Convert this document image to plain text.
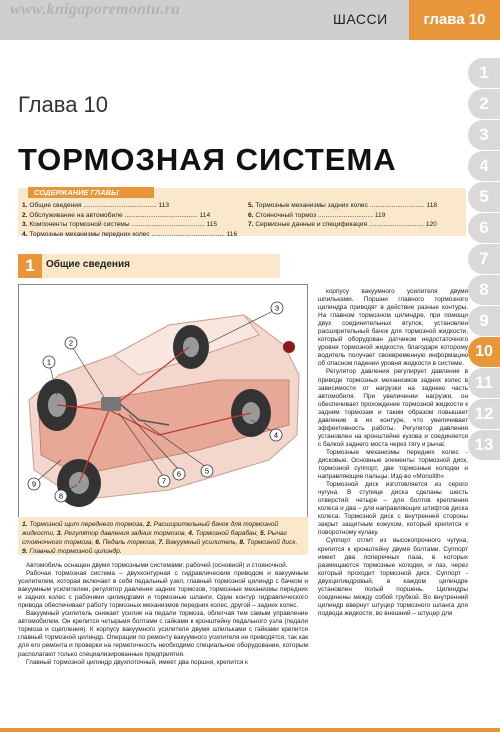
www.knigaporemontu.ru
ШАССИ	глава 10
1
2
3
4
5
6
7
8
9
10
11
12
13
Глава 10
ТОРМОЗНАЯ СИСТЕМА
СОДЕРЖАНИЕ ГЛАВЫ
1. Общие сведения ........................................ 113
2. Обслуживание на автомобиле ........................................ 114
3. Компоненты тормозной системы ........................................ 115
4. Тормозные механизмы передних колес ........................................ 116
5. Тормозные механизмы задних колес .............................. 118
6. Стояночный тормоз .............................. 119
7. Сервисные данные и спецификация .............................. 120
1	Общие сведения
1
2
3
4
5
6
7
8
9
1. Тормозной щит переднего тормоза, 2. Расширительный бачок для тормозной жидкости, 3. Регулятор давления задних тормозов, 4. Тормозной барабан, 5. Рычаг стояночного тормоза, 6. Педаль тормоза, 7. Вакуумный усилитель, 8. Тормозной диск, 9. Главный тормозной цилиндр.

Автомобиль оснащен двумя тормозными системами: рабочей (основной) и стояночной.

Рабочая тормозная система – двухконтурная с гидравлическим приводом и вакуумным усилителем, которая включает в себя педальный узел, главный тормозной цилиндр с бачком и вакуумным усилителем, регулятор давления задних тормозов, тормозные механизмы передних и задних колес с рабочими цилиндрами и тормозные шланги. Один контур гидравлического привода обеспечивает работу тормозных механизмов передних колес, другой – задних колес.

Вакуумный усилитель снижает усилие на педали тормоза, облегчая тем самым управление автомобилем. Он крепится четырьмя болтами с гайками к кронштейну педального узла (педали тормоза и сцепления). К корпусу вакуумного усилителя двумя шпильками с гайками крепится главный тормозной цилиндр. Операции по ремонту вакуумного усилителя не приводятся, так как для его ремонта и проверки на герметичность необходимо специальное оборудование, которым располагают только специализированные предприятия.

Главный тормозной цилиндр двухпоточный, имеет два поршня, крепится к

корпусу вакуумного усилителя двумя шпильками. Поршни главного тормозного цилиндра приводят в действие разные контуры. На главном тормозном цилиндре, при помощи двух соединительных втулок, установлен расширительный бачок для тормозной жидкости, который оборудован датчиком недостаточного уровня тормозной жидкости, благодаря которому водитель получает своевременную информацию об опасном падении уровня жидкости в системе.

Регулятор давления регулирует давление в приводе тормозных механизмов задних колес в зависимости от нагрузки на заднюю часть автомобиля. При увеличении нагрузки, он обеспечивает прохождение тормозной жидкости к задним тормозам и таким образом повышает давление в их контуре, что увеличивает эффективность работы. Регулятор давления установлен на кронштейне кузова и соединяется с балкой заднего моста через тягу и рычаг.

Тормозные механизмы передних колес - дисковые. Основные элементы: тормозной диск, тормозной суппорт, две тормозные колодки и направляющие пальцы. Изд-во «Monolith»

Тормозной диск изготовляется из серого чугуна. В ступице диска сделаны шесть отверстий: четыре – для болтов крепления колеса и два – для направляющих штифтов диска колеса. Тормозной диск с внутренней стороны закрыт защитным кожухом, который крепится к поворотному кулаку.

Суппорт отлит из высокопрочного чугуна, крепится к кронштейну двумя болтами. Суппорт имеет два поперечных паза, в которых размещаются тормозные колодки, и паз, через который проходит тормозной диск. Суппорт - двухцилиндровый, в каждом цилиндре установлен полый поршень. Цилиндры соединены между собой трубкой. Во внутренний цилиндр ввернут штуцер тормозного шланга для подвода жидкости, во внешний – штуцер для
